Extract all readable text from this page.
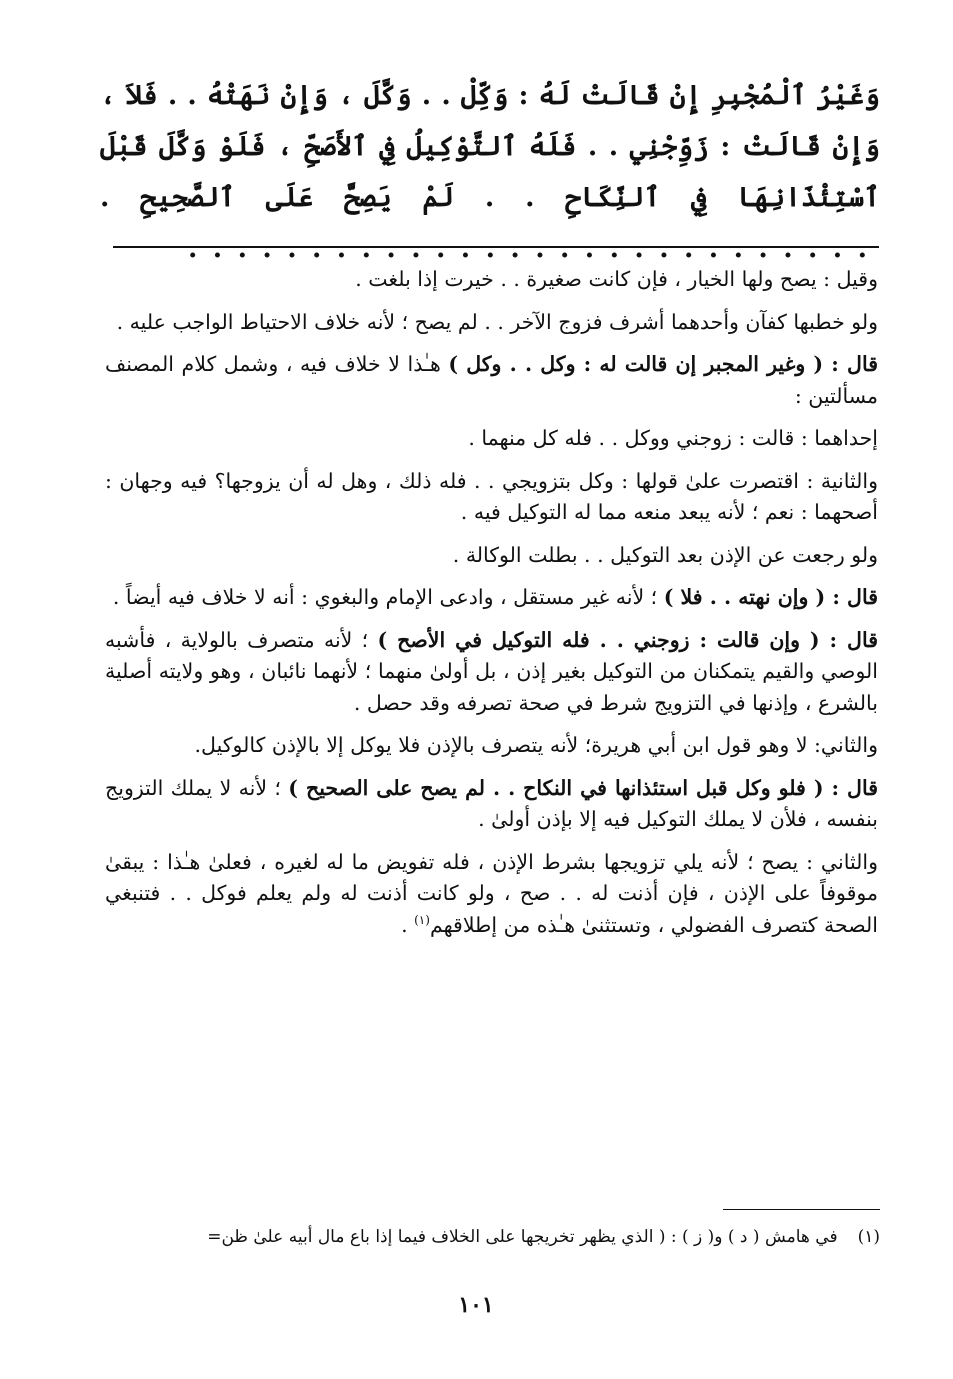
وَغَيْرُ ٱلْمُجْبِرِ إِنْ قَالَتْ لَهُ : وَكِّلْ . . وَكَّلَ ، وَإِنْ نَهَتْهُ . . فَلاَ ، وَإِنْ قَالَتْ : زَوِّجْنِي . . فَلَهُ ٱلتَّوْكِيلُ فِي ٱلأَصَحِّ ، فَلَوْ وَكَّلَ قَبْلَ ٱسْتِئْذَانِهَا فِي ٱلنِّكَاحِ . . لَمْ يَصِحَّ عَلَى ٱلصَّحِيحِ . . . . . . . . . . . . . . . . . . . . . . . . . . . . .

وقيل : يصح ولها الخيار ، فإن كانت صغيرة . . خيرت إذا بلغت .

ولو خطبها كفآن وأحدهما أشرف فزوج الآخر . . لم يصح ؛ لأنه خلاف الاحتياط الواجب عليه .

قال : ( وغير المجبر إن قالت له : وكل . . وكل ) هـٰذا لا خلاف فيه ، وشمل كلام المصنف مسألتين :

إحداهما : قالت : زوجني ووكل . . فله كل منهما .

والثانية : اقتصرت علىٰ قولها : وكل بتزويجي . . فله ذلك ، وهل له أن يزوجها؟ فيه وجهان : أصحهما : نعم ؛ لأنه يبعد منعه مما له التوكيل فيه .

ولو رجعت عن الإذن بعد التوكيل . . بطلت الوكالة .

قال : ( وإن نهته . . فلا ) ؛ لأنه غير مستقل ، وادعى الإمام والبغوي : أنه لا خلاف فيه أيضاً .

قال : ( وإن قالت : زوجني . . فله التوكيل في الأصح ) ؛ لأنه متصرف بالولاية ، فأشبه الوصي والقيم يتمكنان من التوكيل بغير إذن ، بل أولىٰ منهما ؛ لأنهما نائبان ، وهو ولايته أصلية بالشرع ، وإذنها في التزويج شرط في صحة تصرفه وقد حصل .

والثاني: لا وهو قول ابن أبي هريرة؛ لأنه يتصرف بالإذن فلا يوكل إلا بالإذن كالوكيل.

قال : ( فلو وكل قبل استئذانها في النكاح . . لم يصح على الصحيح ) ؛ لأنه لا يملك التزويج بنفسه ، فلأن لا يملك التوكيل فيه إلا بإذن أولىٰ .

والثاني : يصح ؛ لأنه يلي تزويجها بشرط الإذن ، فله تفويض ما له لغيره ، فعلىٰ هـٰذا : يبقىٰ موقوفاً على الإذن ، فإن أذنت له . . صح ، ولو كانت أذنت له ولم يعلم فوكل . . فتنبغي الصحة كتصرف الفضولي ، وتستثنىٰ هـٰذه من إطلاقهم$^{(١)}$ .

(١)في هامش ( د ) و( ز ) : ( الذي يظهر تخريجها على الخلاف فيما إذا باع مال أبيه علىٰ ظن=
١٠١
